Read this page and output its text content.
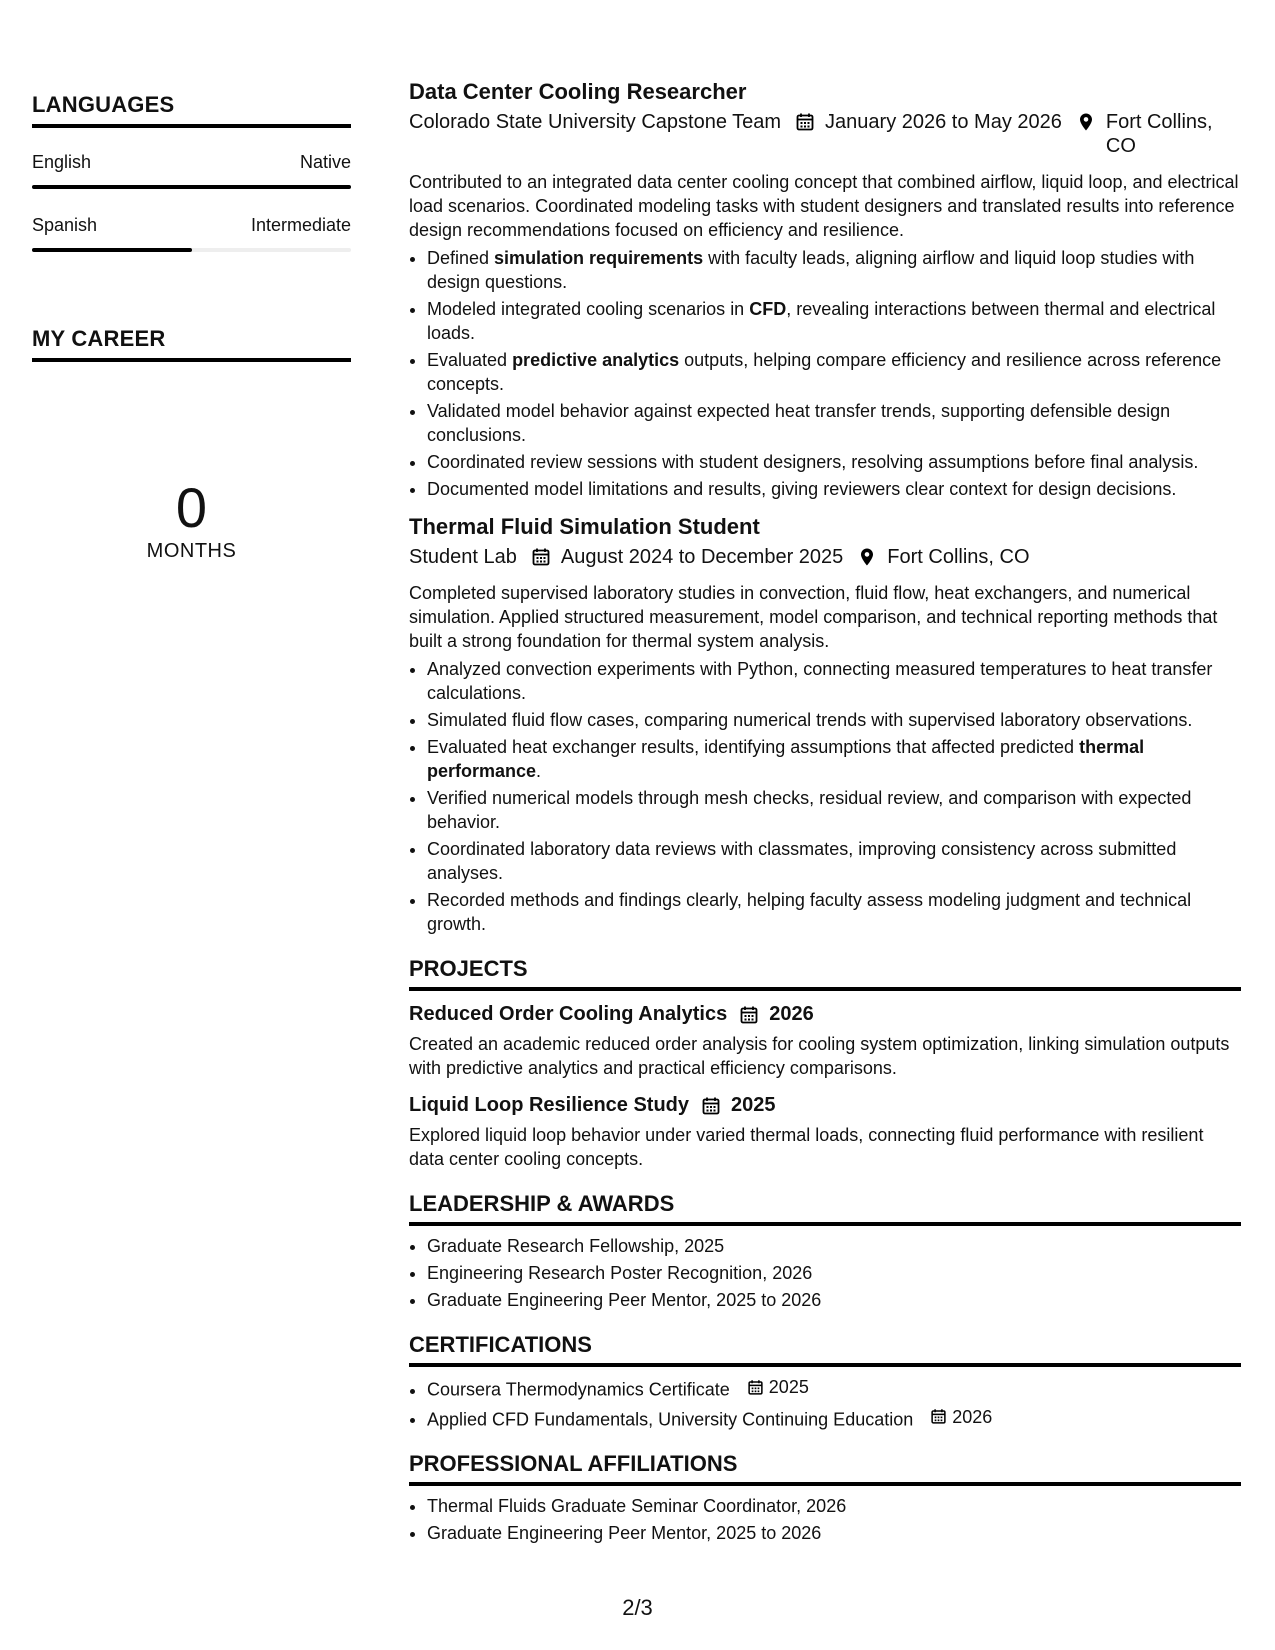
LANGUAGES
English	Native
Spanish	Intermediate
MY CAREER
0
MONTHS
Data Center Cooling Researcher
Colorado State University Capstone Team January 2026 to May 2026 Fort Collins, CO
Contributed to an integrated data center cooling concept that combined airflow, liquid loop, and electrical load scenarios. Coordinated modeling tasks with student designers and translated results into reference design recommendations focused on efficiency and resilience.
• Defined simulation requirements with faculty leads, aligning airflow and liquid loop studies with design questions.
• Modeled integrated cooling scenarios in CFD, revealing interactions between thermal and electrical loads.
• Evaluated predictive analytics outputs, helping compare efficiency and resilience across reference concepts.
• Validated model behavior against expected heat transfer trends, supporting defensible design conclusions.
• Coordinated review sessions with student designers, resolving assumptions before final analysis.
• Documented model limitations and results, giving reviewers clear context for design decisions.
Thermal Fluid Simulation Student
Student Lab August 2024 to December 2025 Fort Collins, CO
Completed supervised laboratory studies in convection, fluid flow, heat exchangers, and numerical simulation. Applied structured measurement, model comparison, and technical reporting methods that built a strong foundation for thermal system analysis.
• Analyzed convection experiments with Python, connecting measured temperatures to heat transfer calculations.
• Simulated fluid flow cases, comparing numerical trends with supervised laboratory observations.
• Evaluated heat exchanger results, identifying assumptions that affected predicted thermal performance.
• Verified numerical models through mesh checks, residual review, and comparison with expected behavior.
• Coordinated laboratory data reviews with classmates, improving consistency across submitted analyses.
• Recorded methods and findings clearly, helping faculty assess modeling judgment and technical growth.
PROJECTS
Reduced Order Cooling Analytics 2026
Created an academic reduced order analysis for cooling system optimization, linking simulation outputs with predictive analytics and practical efficiency comparisons.
Liquid Loop Resilience Study 2025
Explored liquid loop behavior under varied thermal loads, connecting fluid performance with resilient data center cooling concepts.
LEADERSHIP & AWARDS
• Graduate Research Fellowship, 2025
• Engineering Research Poster Recognition, 2026
• Graduate Engineering Peer Mentor, 2025 to 2026
CERTIFICATIONS
• Coursera Thermodynamics Certificate 2025
• Applied CFD Fundamentals, University Continuing Education 2026
PROFESSIONAL AFFILIATIONS
• Thermal Fluids Graduate Seminar Coordinator, 2026
• Graduate Engineering Peer Mentor, 2025 to 2026
2/3
